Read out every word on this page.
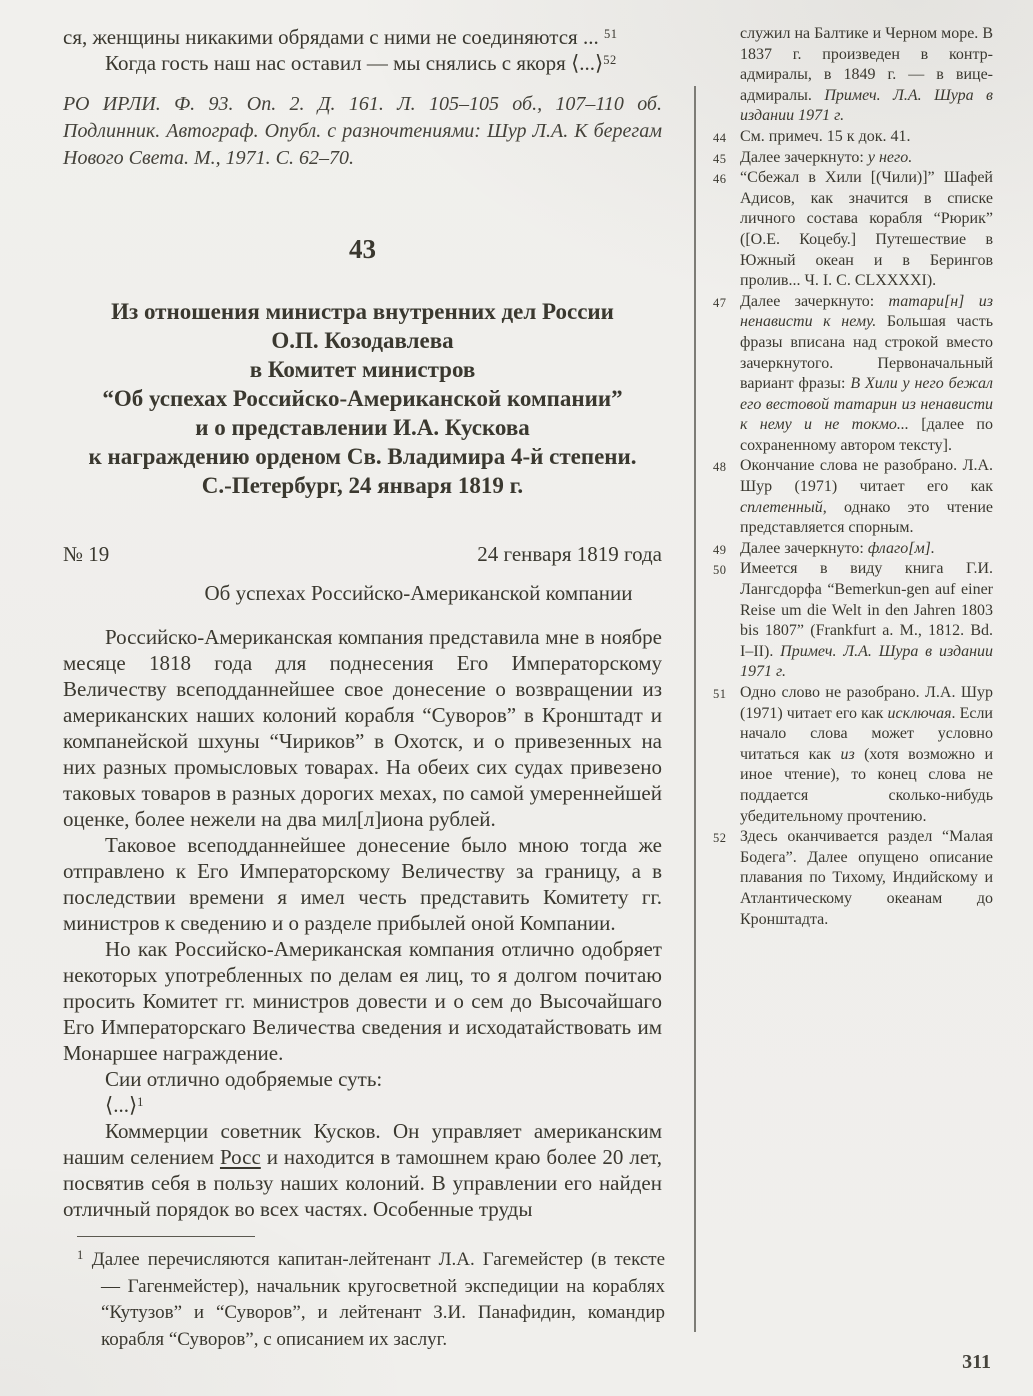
ся, женщины никакими обрядами с ними не соединяются ... $^{51}$

Когда гость наш нас оставил — мы снялись с якоря ⟨...⟩$^{52}$

РО ИРЛИ. Ф. 93. Оп. 2. Д. 161. Л. 105–105 об., 107–110 об. Подлинник. Автограф. Опубл. с разночтениями: Шур Л.А. К берегам Нового Света. М., 1971. С. 62–70.

43
Из отношения министра внутренних дел России
О.П. Козодавлева
в Комитет министров
“Об успехах Российско-Американской компании”
и о представлении И.А. Кускова
к награждению орденом Св. Владимира 4-й степени.
С.-Петербург, 24 января 1819 г.
№ 19	24 генваря 1819 года
Об успехах Российско-Американской компании

Российско-Американская компания представила мне в ноябре месяце 1818 года для поднесения Его Императорскому Величеству всеподданнейшее свое донесение о возвращении из американских наших колоний корабля “Суворов” в Кронштадт и компанейской шхуны “Чириков” в Охотск, и о привезенных на них разных промысловых товарах. На обеих сих судах привезено таковых товаров в разных дорогих мехах, по самой умереннейшей оценке, более нежели на два мил[л]иона рублей.

Таковое всеподданнейшее донесение было мною тогда же отправлено к Его Императорскому Величеству за границу, а в последствии времени я имел честь представить Комитету гг. министров к сведению и о разделе прибылей оной Компании.

Но как Российско-Американская компания отлично одобряет некоторых употребленных по делам ея лиц, то я долгом почитаю просить Комитет гг. министров довести и о сем до Высочайшаго Его Императорскаго Величества сведения и исходатайствовать им Монаршее награждение.

Сии отлично одобряемые суть:

⟨...⟩$^1$

Коммерции советник Кусков. Он управляет американским нашим селением Росс и находится в тамошнем краю более 20 лет, посвятив себя в пользу наших колоний. В управлении его найден отличный порядок во всех частях. Особенные труды

$^1$ Далее перечисляются капитан-лейтенант Л.А. Гагемейстер (в тексте — Гагенмейстер), начальник кругосветной экспедиции на кораблях “Кутузов” и “Суворов”, и лейтенант З.И. Панафидин, командир корабля “Суворов”, с описанием их заслуг.

служил на Балтике и Черном море. В 1837 г. произведен в контр-адмиралы, в 1849 г. — в вице-адмиралы. Примеч. Л.А. Шура в издании 1971 г.
44 См. примеч. 15 к док. 41.
45 Далее зачеркнуто: у него.
46 “Сбежал в Хили [(Чили)]” Шафей Адисов, как значится в списке личного состава корабля “Рюрик” ([О.Е. Коцебу.] Путешествие в Южный океан и в Берингов пролив... Ч. I. С. CLXXXXI).
47 Далее зачеркнуто: татари[н] из ненависти к нему. Большая часть фразы вписана над строкой вместо зачеркнутого. Первоначальный вариант фразы: В Хили у него бежал его вестовой татарин из ненависти к нему и не токмо... [далее по сохраненному автором тексту].
48 Окончание слова не разобрано. Л.А. Шур (1971) читает его как сплетенный, однако это чтение представляется спорным.
49 Далее зачеркнуто: флаго[м].
50 Имеется в виду книга Г.И. Лангсдорфа “Bemerkun-gen auf einer Reise um die Welt in den Jahren 1803 bis 1807” (Frankfurt a. M., 1812. Bd. I–II). Примеч. Л.А. Шура в издании 1971 г.
51 Одно слово не разобрано. Л.А. Шур (1971) читает его как исключая. Если начало слова может условно читаться как из (хотя возможно и иное чтение), то конец слова не поддается сколько-нибудь убедительному прочтению.
52 Здесь оканчивается раздел “Малая Бодега”. Далее опущено описание плавания по Тихому, Индийскому и Атлантическому океанам до Кронштадта.
311
